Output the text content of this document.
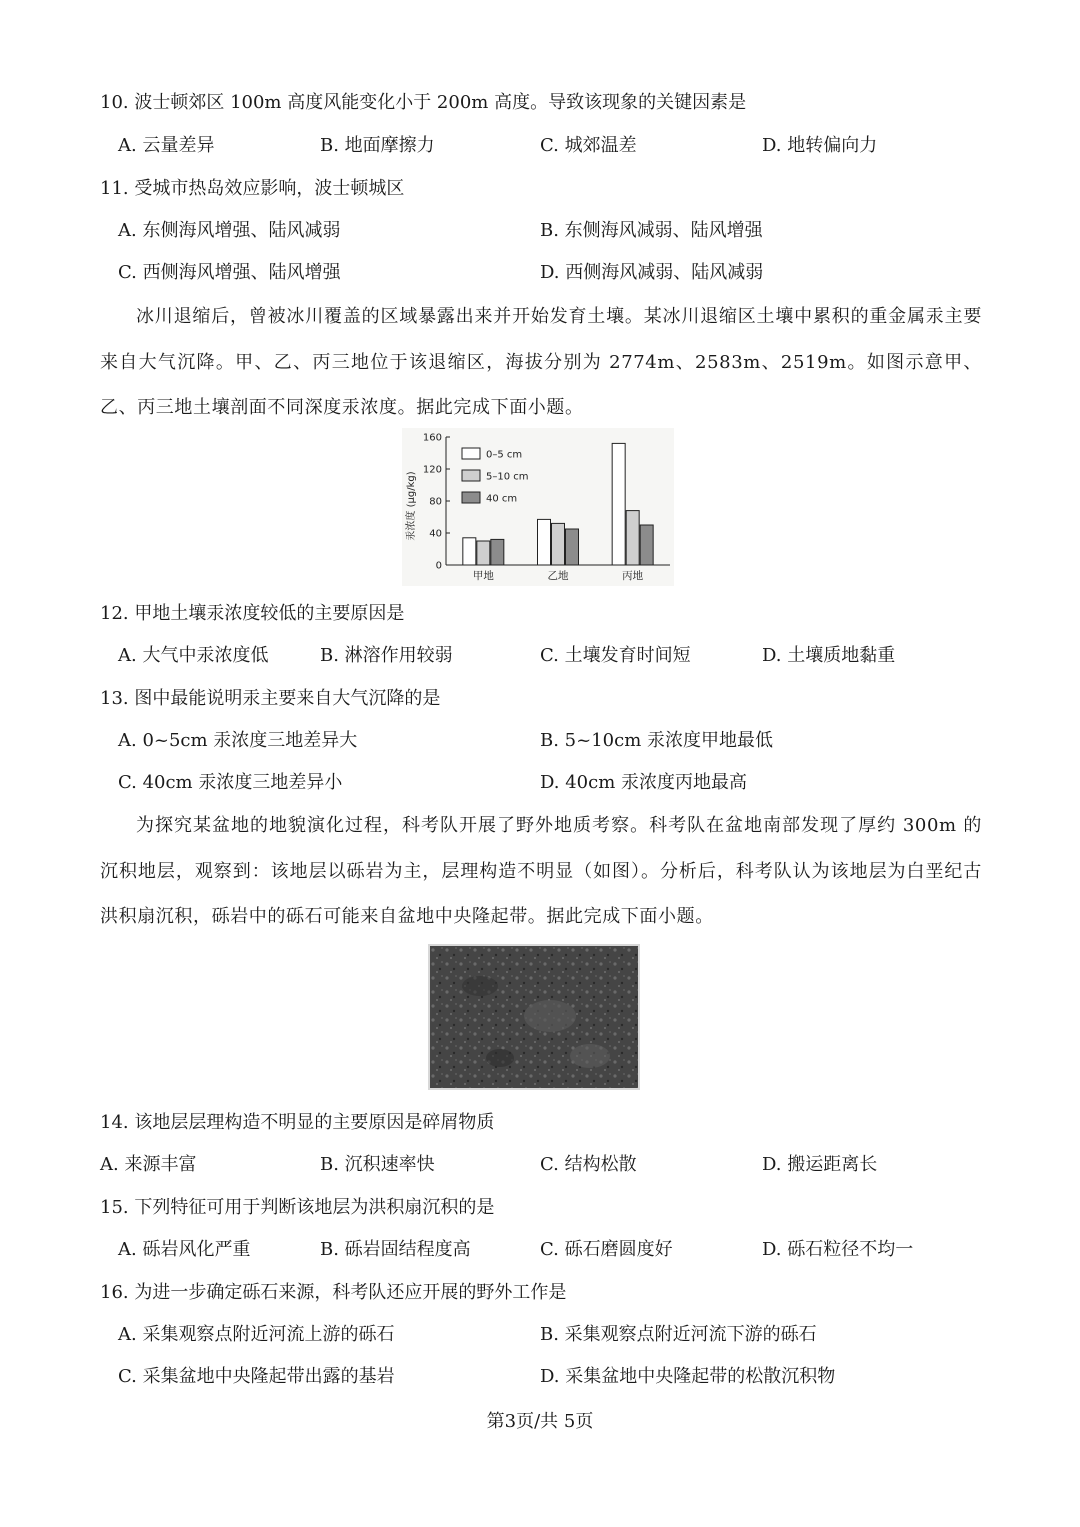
10. 波士顿郊区 100m 高度风能变化小于 200m 高度。导致该现象的关键因素是
A. 云量差异	B. 地面摩擦力	C. 城郊温差	D. 地转偏向力
11. 受城市热岛效应影响，波士顿城区
A. 东侧海风增强、陆风减弱	B. 东侧海风减弱、陆风增强
C. 西侧海风增强、陆风增强	D. 西侧海风减弱、陆风减弱
冰川退缩后，曾被冰川覆盖的区域暴露出来并开始发育土壤。某冰川退缩区土壤中累积的重金属汞主要来自大气沉降。甲、乙、丙三地位于该退缩区，海拔分别为 2774m、2583m、2519m。如图示意甲、乙、丙三地土壤剖面不同深度汞浓度。据此完成下面小题。
汞浓度 (μg/kg)
0
40
80
120
160
甲地	乙地	丙地
0–5 cm
5–10 cm
40 cm
12. 甲地土壤汞浓度较低的主要原因是
A. 大气中汞浓度低	B. 淋溶作用较弱	C. 土壤发育时间短	D. 土壤质地黏重
13. 图中最能说明汞主要来自大气沉降的是
A. 0~5cm 汞浓度三地差异大	B. 5~10cm 汞浓度甲地最低
C. 40cm 汞浓度三地差异小	D. 40cm 汞浓度丙地最高
为探究某盆地的地貌演化过程，科考队开展了野外地质考察。科考队在盆地南部发现了厚约 300m 的沉积地层，观察到：该地层以砾岩为主，层理构造不明显（如图）。分析后，科考队认为该地层为白垩纪古洪积扇沉积，砾岩中的砾石可能来自盆地中央隆起带。据此完成下面小题。
14. 该地层层理构造不明显的主要原因是碎屑物质
A. 来源丰富	B. 沉积速率快	C. 结构松散	D. 搬运距离长
15. 下列特征可用于判断该地层为洪积扇沉积的是
A. 砾岩风化严重	B. 砾岩固结程度高	C. 砾石磨圆度好	D. 砾石粒径不均一
16. 为进一步确定砾石来源，科考队还应开展的野外工作是
A. 采集观察点附近河流上游的砾石	B. 采集观察点附近河流下游的砾石
C. 采集盆地中央隆起带出露的基岩	D. 采集盆地中央隆起带的松散沉积物
第3页/共 5页
